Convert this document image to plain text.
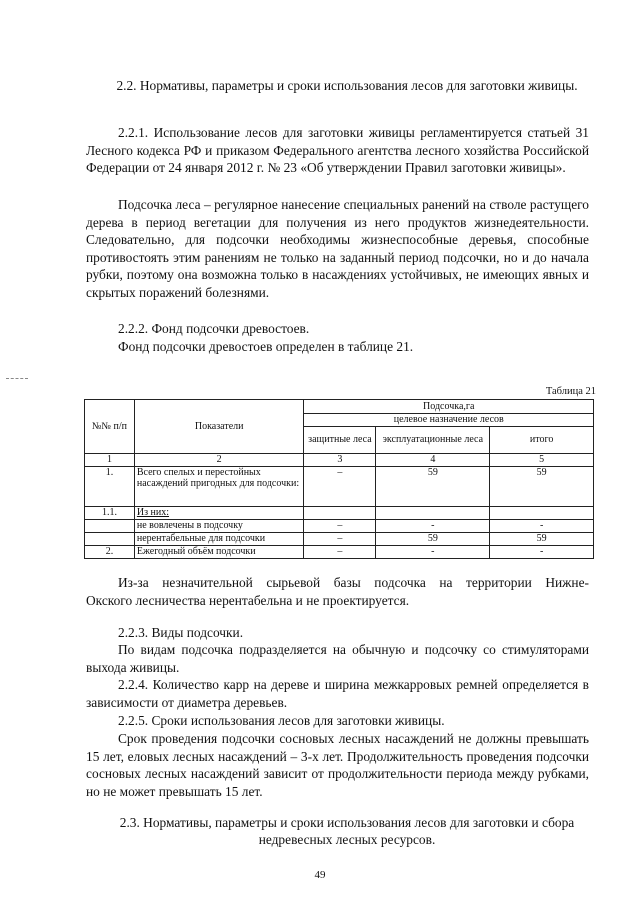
2.2. Нормативы, параметры и сроки использования лесов для заготовки живицы.
2.2.1. Использование лесов для заготовки живицы регламентируется статьей 31 Лесного кодекса РФ и приказом Федерального агентства лесного хозяйства Российской Федерации от 24 января 2012 г. № 23 «Об утверждении Правил заготовки живицы».
Подсочка леса – регулярное нанесение специальных ранений на стволе растущего дерева в период вегетации для получения из него продуктов жизнедеятельности. Следовательно, для подсочки необходимы жизнеспособные деревья, способные противостоять этим ранениям не только на заданный период подсочки, но и до начала рубки, поэтому она возможна только в насаждениях устойчивых, не имеющих явных и скрытых поражений болезнями.
2.2.2. Фонд подсочки древостоев.
Фонд подсочки древостоев определен в таблице 21.
Таблица 21
№№ п/п	Показатели	Подсочка,га		
		целевое назначение лесов		
		защитные леса	эксплуатационные леса	итого
1	2	3	4	5
1.	Всего спелых и перестойных насаждений пригодных для подсочки:	–	59	59
1.1.	Из них:			
	не вовлечены в подсочку	–	-	-
	нерентабельные для подсочки	–	59	59
2.	Ежегодный объём подсочки	–	-	-
Из-за незначительной сырьевой базы подсочка на территории Нижне-
Окского лесничества нерентабельна и не проектируется.
2.2.3. Виды подсочки.
По видам подсочка подразделяется на обычную и подсочку со стимуляторами выхода живицы.
2.2.4. Количество карр на дереве и ширина межкарровых ремней определяется в зависимости от диаметра деревьев.
2.2.5. Сроки использования лесов для заготовки живицы.
Срок проведения подсочки сосновых лесных насаждений не должны превышать 15 лет, еловых лесных насаждений – 3-х лет. Продолжительность проведения подсочки сосновых лесных насаждений зависит от продолжительности периода между рубками, но не может превышать 15 лет.
2.3. Нормативы, параметры и сроки использования лесов для заготовки и сбора недревесных лесных ресурсов.
49
